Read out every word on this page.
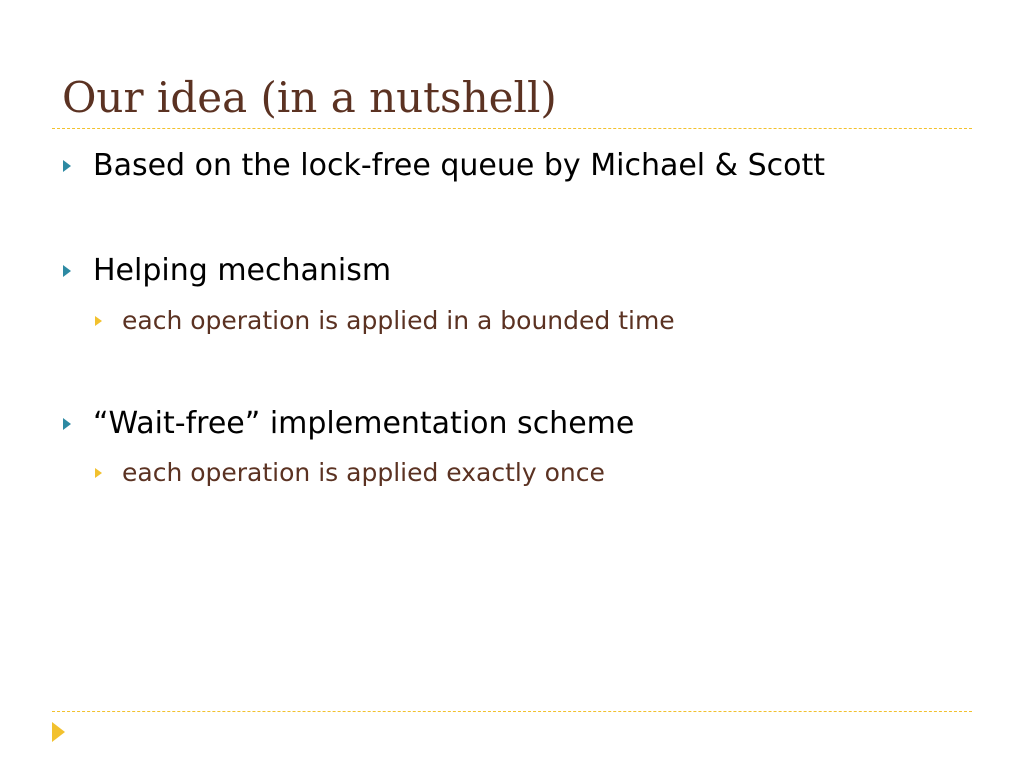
Our idea (in a nutshell)
Based on the lock-free queue by Michael & Scott
Helping mechanism
each operation is applied in a bounded time
“Wait-free” implementation scheme
each operation is applied exactly once
